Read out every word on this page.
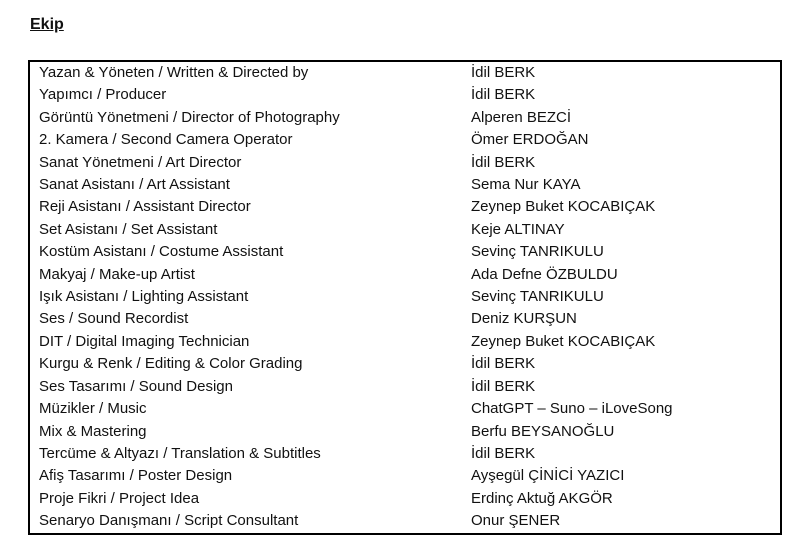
Ekip
Yazan & Yöneten / Written & Directed by	İdil BERK
Yapımcı / Producer	İdil BERK
Görüntü Yönetmeni / Director of Photography	Alperen BEZCİ
2. Kamera / Second Camera Operator	Ömer ERDOĞAN
Sanat Yönetmeni / Art Director	İdil BERK
Sanat Asistanı / Art Assistant	Sema Nur KAYA
Reji Asistanı / Assistant Director	Zeynep Buket KOCABIÇAK
Set Asistanı / Set Assistant	Keje ALTINAY
Kostüm Asistanı / Costume Assistant	Sevinç TANRIKULU
Makyaj / Make-up Artist	Ada Defne ÖZBULDU
Işık Asistanı / Lighting Assistant	Sevinç TANRIKULU
Ses / Sound Recordist	Deniz KURŞUN
DIT / Digital Imaging Technician	Zeynep Buket KOCABIÇAK
Kurgu & Renk / Editing & Color Grading	İdil BERK
Ses Tasarımı / Sound Design	İdil BERK
Müzikler / Music	ChatGPT – Suno – iLoveSong
Mix & Mastering	Berfu BEYSANOĞLU
Tercüme & Altyazı / Translation & Subtitles	İdil BERK
Afiş Tasarımı / Poster Design	Ayşegül ÇİNİCİ YAZICI
Proje Fikri / Project Idea	Erdinç Aktuğ AKGÖR
Senaryo Danışmanı / Script Consultant	Onur ŞENER
